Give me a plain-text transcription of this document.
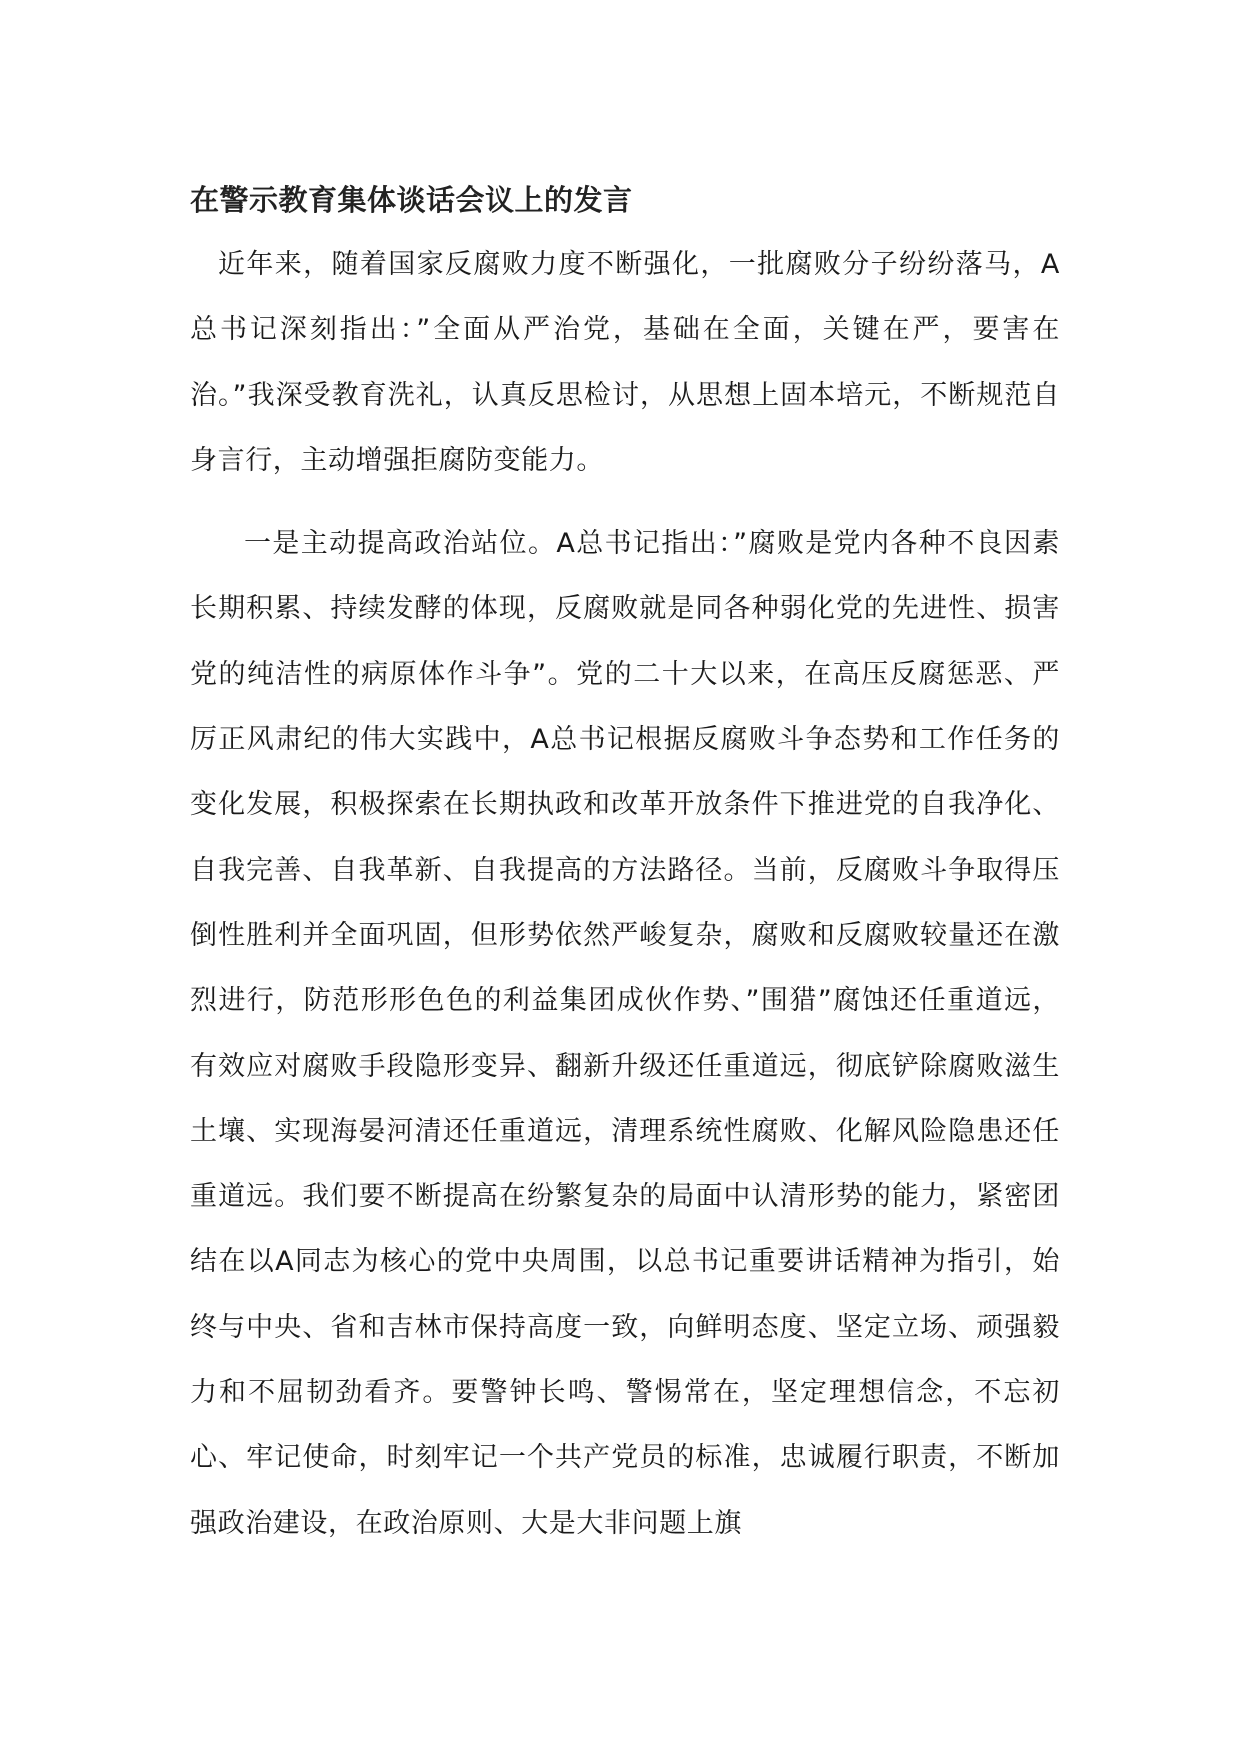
在警示教育集体谈话会议上的发言

近年来，随着国家反腐败力度不断强化，一批腐败分子纷纷落马，A总书记深刻指出：”全面从严治党，基础在全面，关键在严，要害在治。”我深受教育洗礼，认真反思检讨，从思想上固本培元，不断规范自身言行，主动增强拒腐防变能力。

一是主动提高政治站位。A总书记指出：”腐败是党内各种不良因素长期积累、持续发酵的体现，反腐败就是同各种弱化党的先进性、损害党的纯洁性的病原体作斗争”。党的二十大以来，在高压反腐惩恶、严厉正风肃纪的伟大实践中，A总书记根据反腐败斗争态势和工作任务的变化发展，积极探索在长期执政和改革开放条件下推进党的自我净化、自我完善、自我革新、自我提高的方法路径。当前，反腐败斗争取得压倒性胜利并全面巩固，但形势依然严峻复杂，腐败和反腐败较量还在激烈进行，防范形形色色的利益集团成伙作势、”围猎”腐蚀还任重道远，有效应对腐败手段隐形变异、翻新升级还任重道远，彻底铲除腐败滋生土壤、实现海晏河清还任重道远，清理系统性腐败、化解风险隐患还任重道远。我们要不断提高在纷繁复杂的局面中认清形势的能力，紧密团结在以A同志为核心的党中央周围，以总书记重要讲话精神为指引，始终与中央、省和吉林市保持高度一致，向鲜明态度、坚定立场、顽强毅力和不屈韧劲看齐。要警钟长鸣、警惕常在，坚定理想信念，不忘初心、牢记使命，时刻牢记一个共产党员的标准，忠诚履行职责，不断加强政治建设，在政治原则、大是大非问题上旗
